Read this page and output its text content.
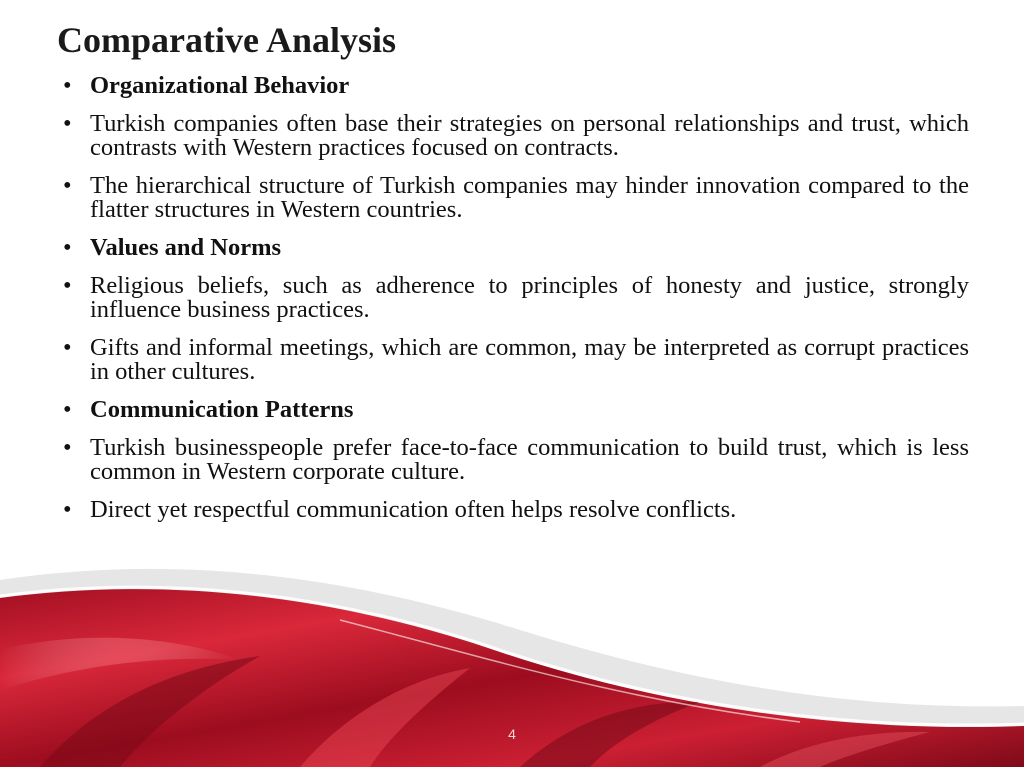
Comparative Analysis
• Organizational Behavior
• Turkish companies often base their strategies on personal relationships and trust, which contrasts with Western practices focused on contracts.
• The hierarchical structure of Turkish companies may hinder innovation compared to the flatter structures in Western countries.
• Values and Norms
• Religious beliefs, such as adherence to principles of honesty and justice, strongly influence business practices.
• Gifts and informal meetings, which are common, may be interpreted as corrupt practices in other cultures.
• Communication Patterns
• Turkish businesspeople prefer face-to-face communication to build trust, which is less common in Western corporate culture.
• Direct yet respectful communication often helps resolve conflicts.
4
